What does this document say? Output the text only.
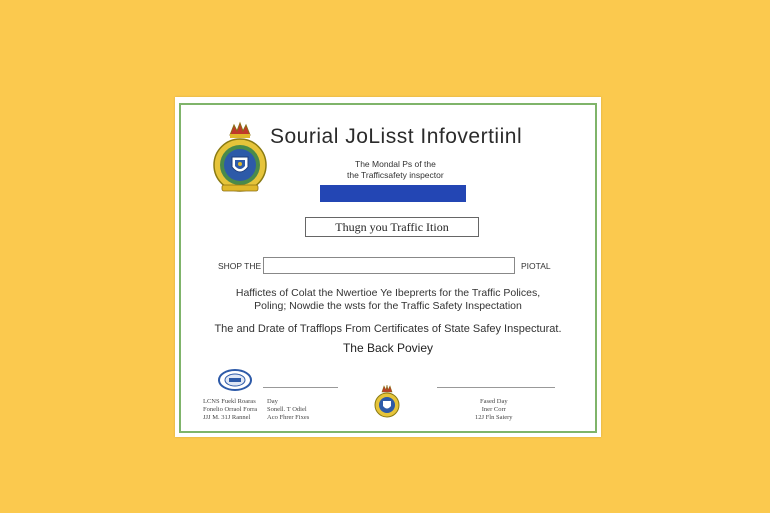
Sourial JoLisst Infovertiinl
The Mondal Ps of the
the Trafficsafety inspector
Thugn you Traffic Ition
SHOP THE	PIOTAL
Haffictes of Colat the Nwertioe Ye Ibeprerts for the Traffic Polices,
Poling; Nowdie the wsts for the Traffic Safety Inspectation
The and Drate of Trafflops From Certificates of State Safey Inspecturat.
The Back Poviey
LCNS Fuekl Roaras
Fonelio Orraol Forra
JJJ M. 31J Rannel
Day
Sonell. T Odiel
Aco Fhrer Fixes
Fased Day
Iner Corr
12J Fln Saiery
